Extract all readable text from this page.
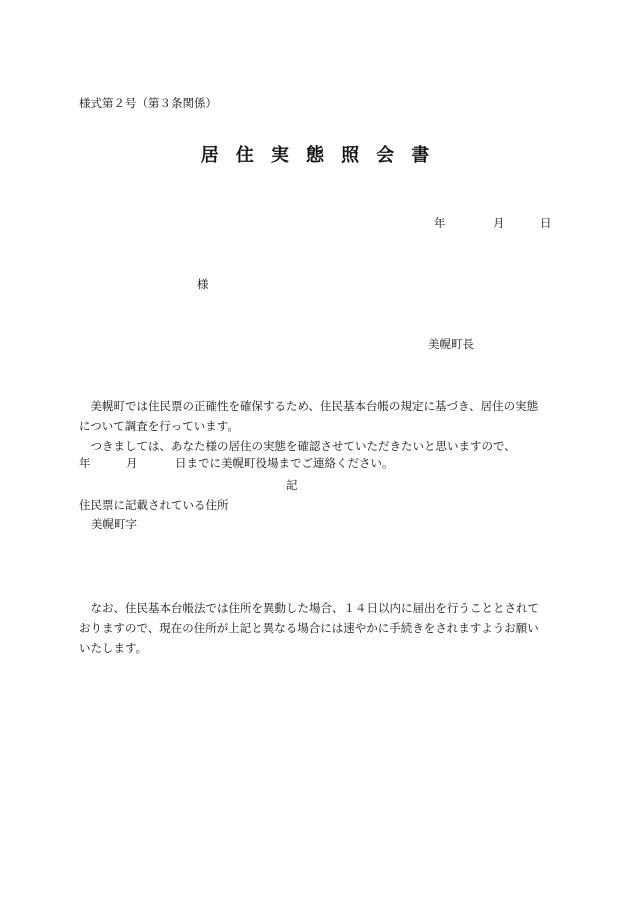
様式第２号（第３条関係）
居住実態照会書
年	月	日
様
美幌町長
　美幌町では住民票の正確性を確保するため、住民基本台帳の規定に基づき、居住の実態
について調査を行っています。
　つきましては、あなた様の居住の実態を確認させていただきたいと思いますので、
年	月	日までに美幌町役場までご連絡ください。
記
住民票に記載されている住所
美幌町字
　なお、住民基本台帳法では住所を異動した場合、１４日以内に届出を行うこととされて
おりますので、現在の住所が上記と異なる場合には速やかに手続きをされますようお願い
いたします。
